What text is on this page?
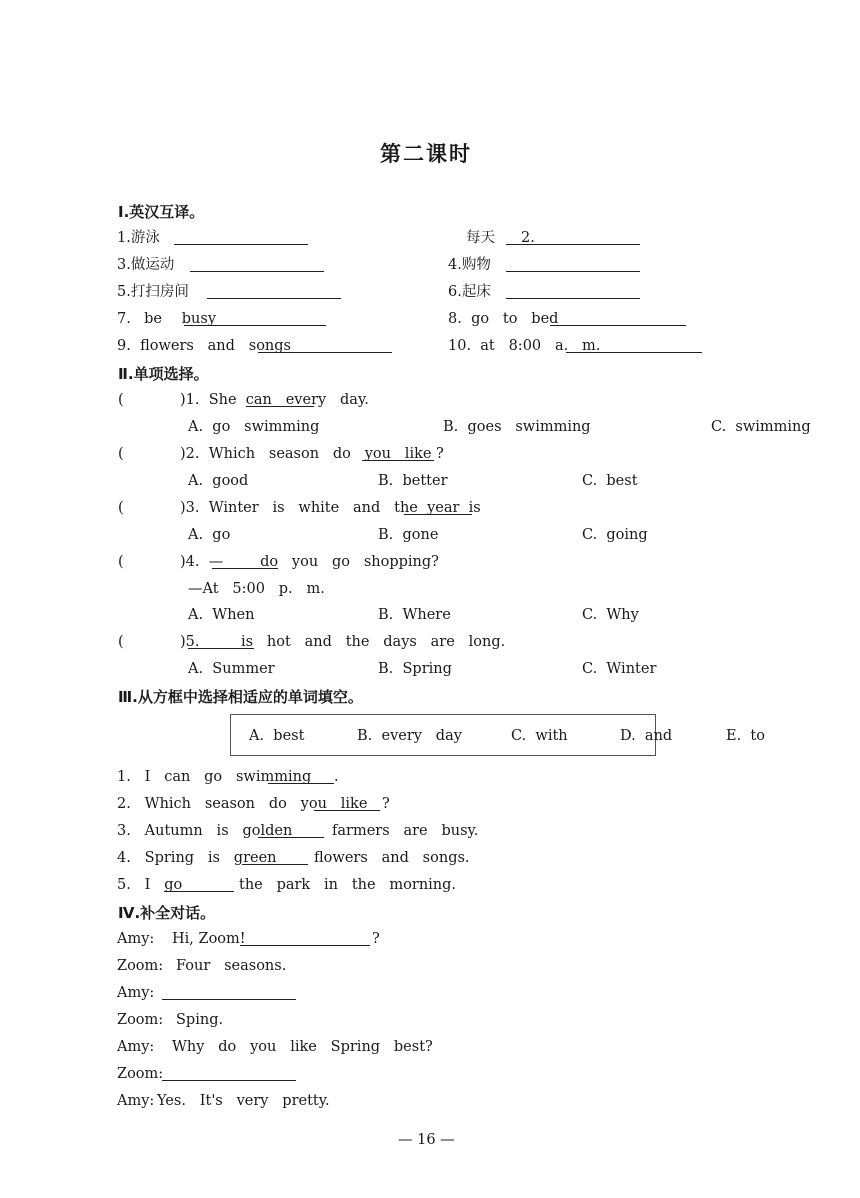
第二课时
Ⅰ.英汉互译。
1.游泳	每天 2.
3.做运动	4.购物
5.打扫房间	6.起床
7. be   busy	8. go   to   bed
9. flowers   and   songs	10. at   8:00   a.   m.
Ⅱ.单项选择。
(	)1.  She  can   every   day.
A.  go   swimming	B.  goes   swimming	C.  swimming
(	)2.  Which   season   do   you   like ?
A.  good	B.  better	C.  best
(	)3.  Winter   is   white   and   the  year  is
A.  go	B.  gone	C.  going
(	)4.  —        do   you   go   shopping?
—At   5:00   p.   m.
A.  When	B.  Where	C.  Why
(	)5.         is   hot   and   the   days   are   long.
A.  Summer	B.  Spring	C.  Winter
Ⅲ.从方框中选择相适应的单词填空。
A.  best	B.  every   day	C.  with	D.  and	E.  to
1.   I   can   go   swimming .
2.   Which   season   do   you   like ?
3.   Autumn   is   golden	farmers   are   busy.
4.   Spring   is   green	flowers   and   songs.
5.   I   go	the   park   in   the   morning.
Ⅳ.补全对话。
Amy: Hi, Zoom!	?
Zoom: Four   seasons.
Amy:
Zoom: Sping.
Amy: Why   do   you   like   Spring   best?
Zoom:
Amy: Yes.   It's   very   pretty.
— 16 —
